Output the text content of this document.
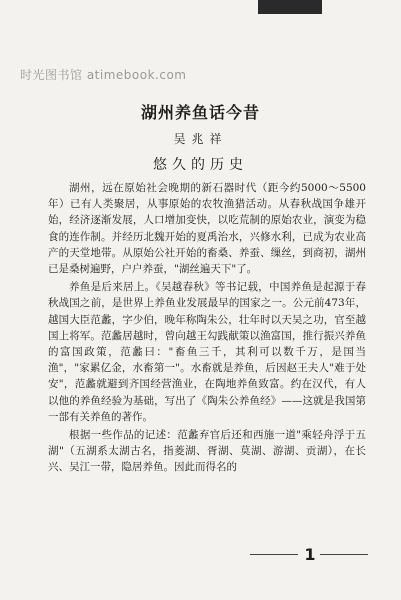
时光图书馆 atimebook.com
湖州养鱼话今昔
吴兆祥
悠久的历史

湖州，远在原始社会晚期的新石器时代（距今约5000～5500年）已有人类聚居，从事原始的农牧渔猎活动。从春秋战国争雄开始，经济逐渐发展，人口增加变快，以吃荒制的原始农业，演变为稳食的连作制。并经历北魏开始的夏禹治水，兴修水利，已成为农业高产的天堂地带。从原始公社开始的畜桑、养蚕、缫丝，到商初，湖州已是桑树遍野，户户养蚕，"湖丝遍天下"了。

养鱼是后来居上。《吴越春秋》等书记载，中国养鱼是起源于春秋战国之前，是世界上养鱼业发展最早的国家之一。公元前473年，越国大臣范蠡，字少伯，晚年称陶朱公，壮年时以天吴之功，官至越国上将军。范蠡居越时，曾向越王勾践献策以渔富国，推行振兴养鱼的富国政策，范蠡曰："畜鱼三千，其利可以数千万，是国当渔"，"家累亿金，水畜第一"。水畜就是养鱼，后因赵王夫人"难于处安"，范蠡就避到齐国经营渔业，在陶地养鱼致富。约在汉代，有人以他的养鱼经验为基础，写出了《陶朱公养鱼经》——这就是我国第一部有关养鱼的著作。

根据一些作品的记述：范蠡弃官后还和西施一道"乘轻舟浮于五湖"（五湖系太湖古名，指菱湖、胥湖、莫湖、游湖、贡湖），在长兴、吴江一带，隐居养鱼。因此而得名的

1
